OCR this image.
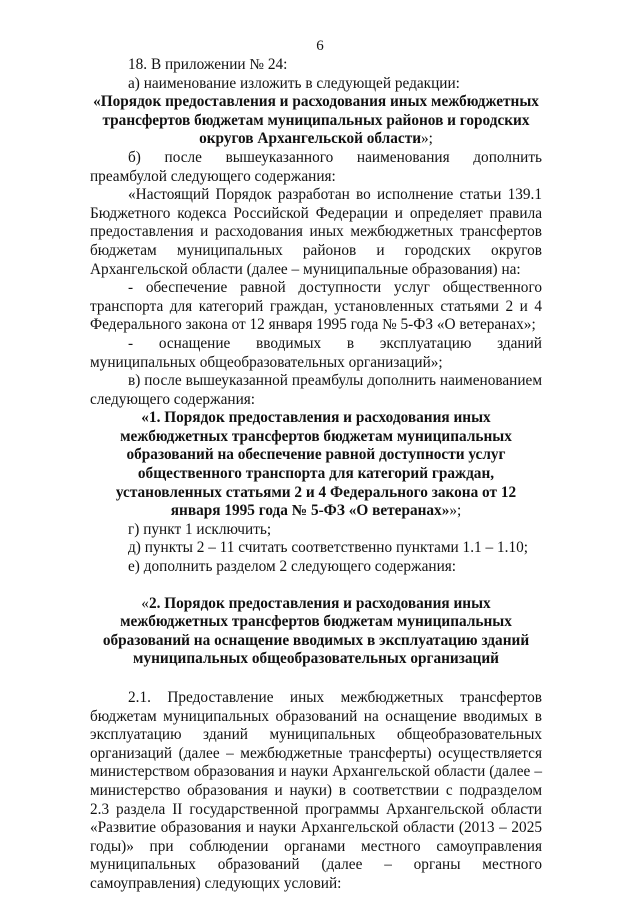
6

18. В приложении № 24:

а) наименование изложить в следующей редакции:

«Порядок предоставления и расходования иных межбюджетных трансфертов бюджетам муниципальных районов и городских округов Архангельской области»;

б) после вышеуказанного наименования дополнить преамбулой следующего содержания:

«Настоящий Порядок разработан во исполнение статьи 139.1 Бюджетного кодекса Российской Федерации и определяет правила предоставления и расходования иных межбюджетных трансфертов бюджетам муниципальных районов и городских округов Архангельской области (далее – муниципальные образования) на:

- обеспечение равной доступности услуг общественного транспорта для категорий граждан, установленных статьями 2 и 4 Федерального закона от 12 января 1995 года № 5-ФЗ «О ветеранах»;

- оснащение вводимых в эксплуатацию зданий муниципальных общеобразовательных организаций»;

в) после вышеуказанной преамбулы дополнить наименованием следующего содержания:

«1. Порядок предоставления и расходования иных межбюджетных трансфертов бюджетам муниципальных образований на обеспечение равной доступности услуг общественного транспорта для категорий граждан, установленных статьями 2 и 4 Федерального закона от 12 января 1995 года № 5-ФЗ «О ветеранах»»;

г) пункт 1 исключить;

д) пункты 2 – 11 считать соответственно пунктами 1.1 – 1.10;

е) дополнить разделом 2 следующего содержания:

«2. Порядок предоставления и расходования иных межбюджетных трансфертов бюджетам муниципальных образований на оснащение вводимых в эксплуатацию зданий муниципальных общеобразовательных организаций

2.1. Предоставление иных межбюджетных трансфертов бюджетам муниципальных образований на оснащение вводимых в эксплуатацию зданий муниципальных общеобразовательных организаций (далее – межбюджетные трансферты) осуществляется министерством образования и науки Архангельской области (далее – министерство образования и науки) в соответствии с подразделом 2.3 раздела II государственной программы Архангельской области «Развитие образования и науки Архангельской области (2013 – 2025 годы)» при соблюдении органами местного самоуправления муниципальных образований (далее – органы местного самоуправления) следующих условий:
